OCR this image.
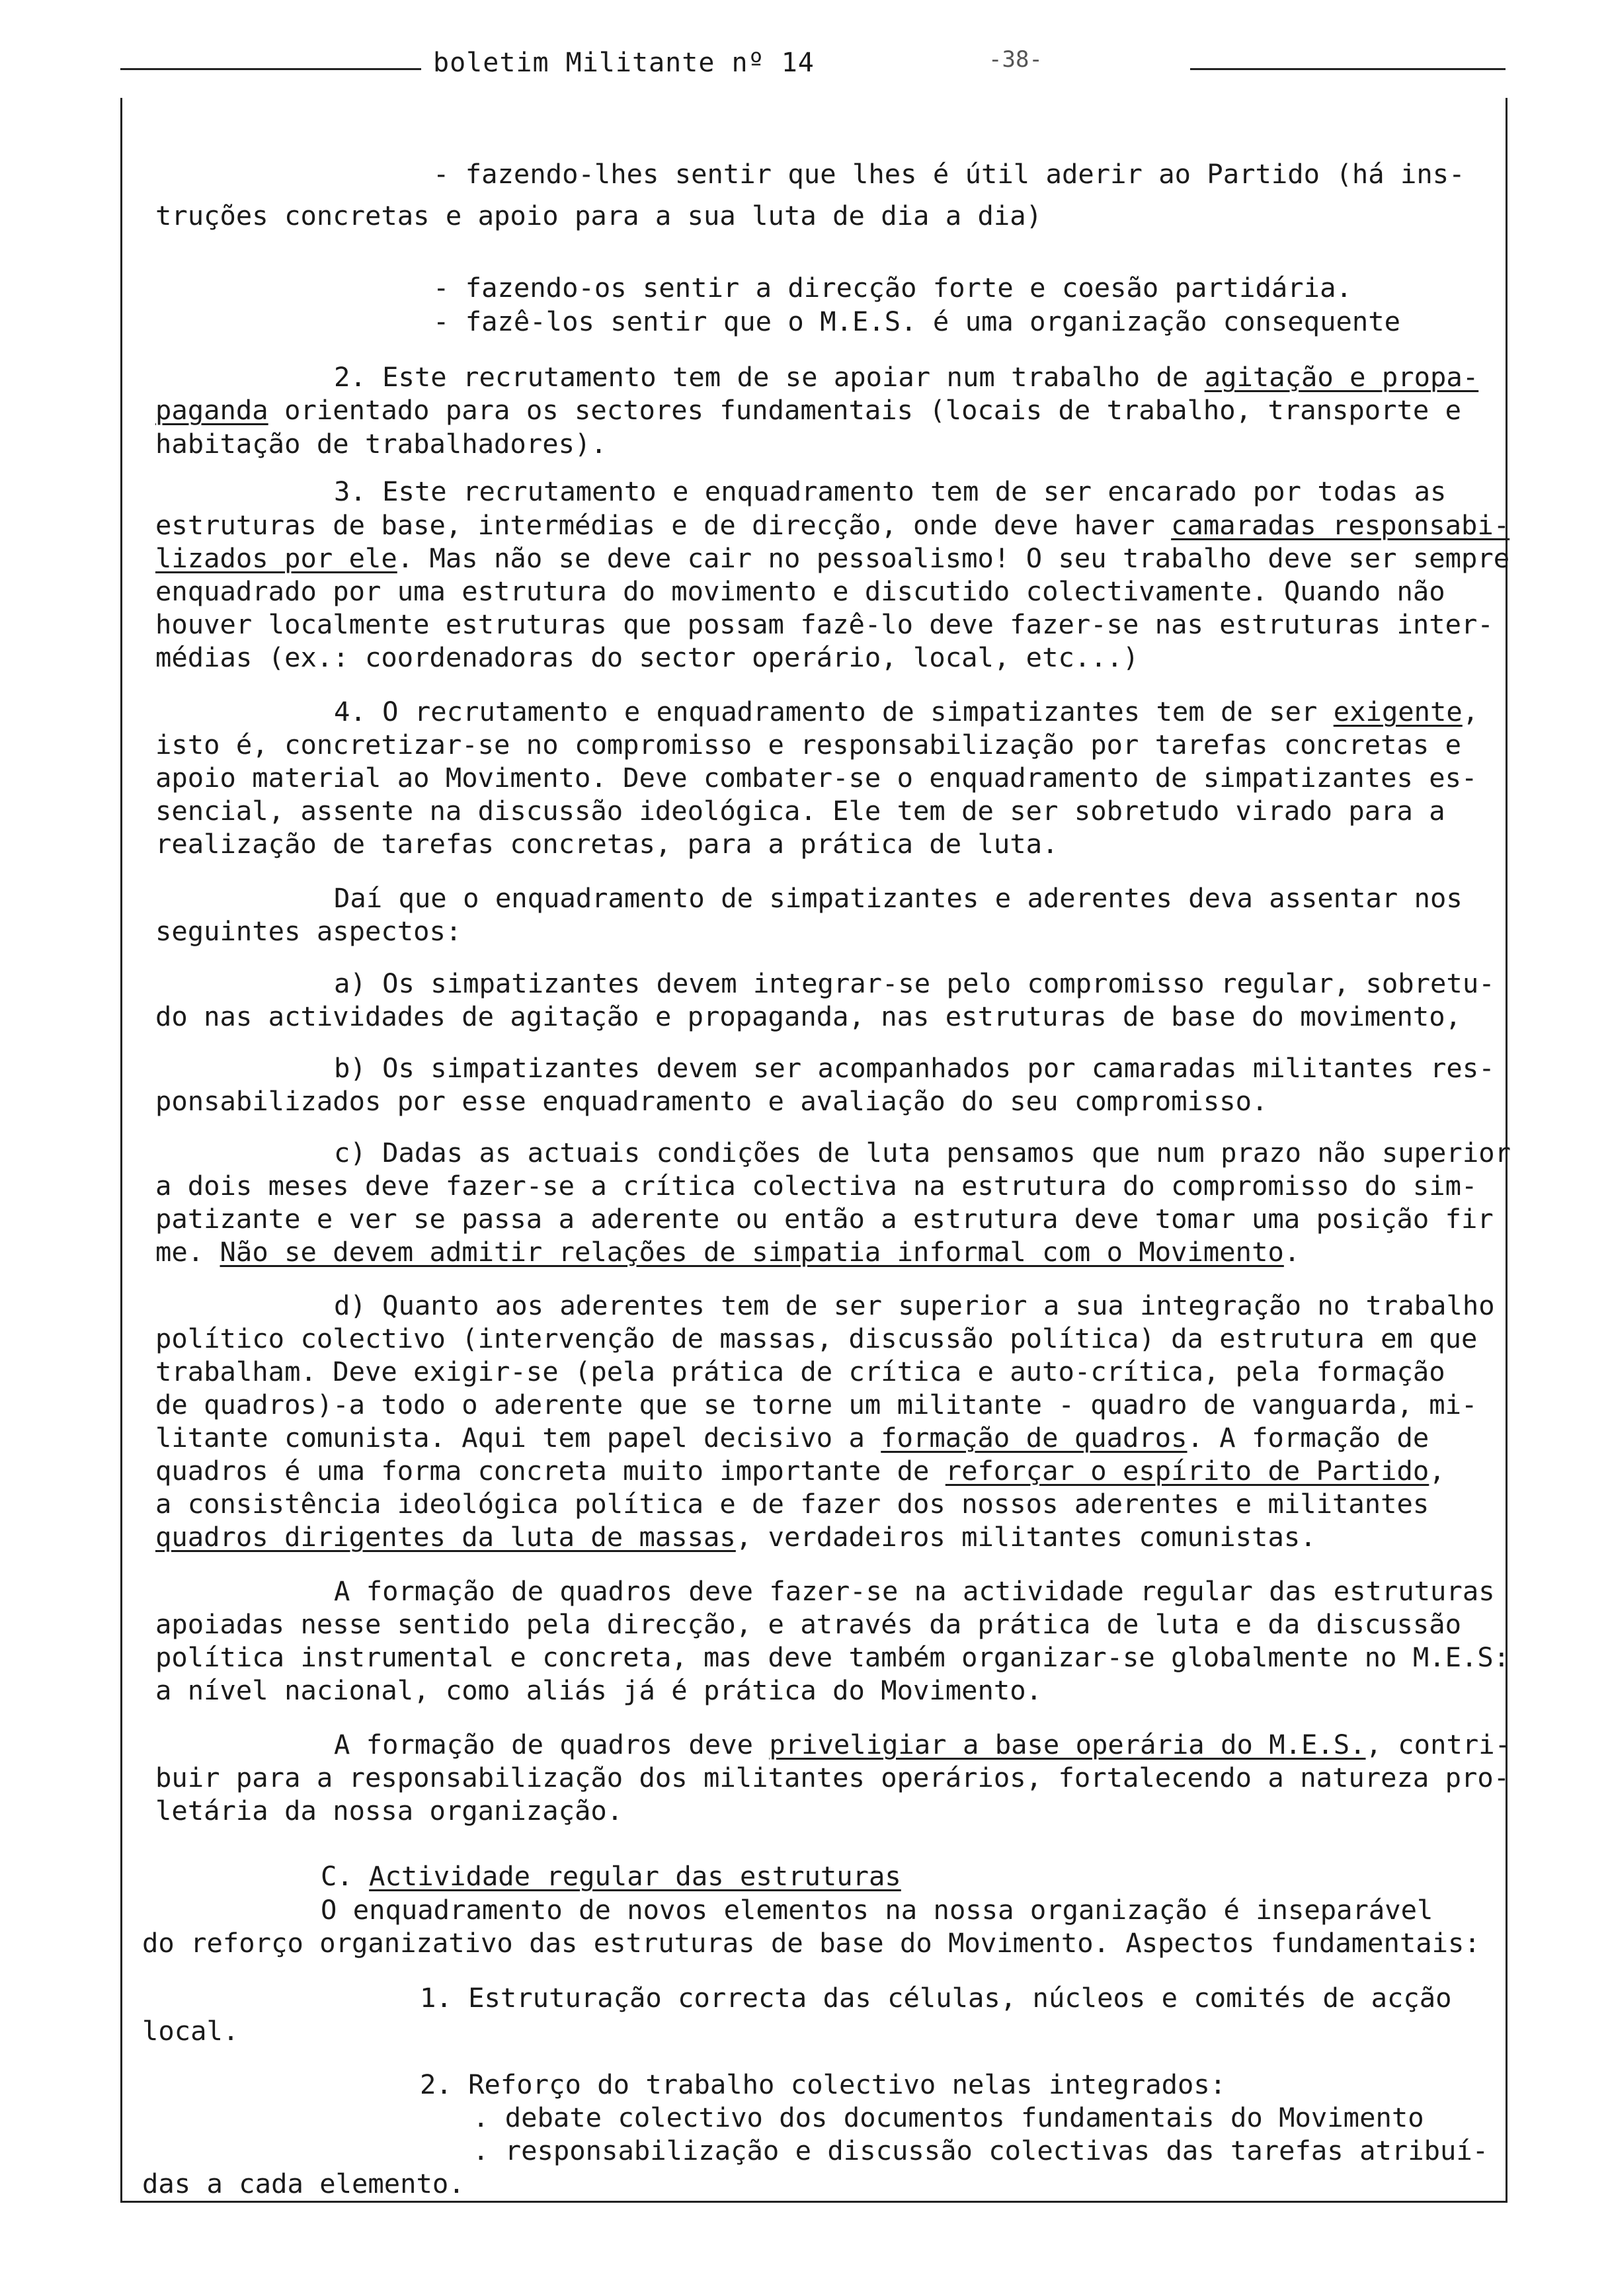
boletim Militante nº 14	-38-
- fazendo-lhes sentir que lhes é útil aderir ao Partido (há ins-
truções concretas e apoio para a sua luta de dia a dia)
- fazendo-os sentir a direcção forte e coesão partidária.
- fazê-los sentir que o M.E.S. é uma organização consequente
2. Este recrutamento tem de se apoiar num trabalho de agitação e propa-
paganda orientado para os sectores fundamentais (locais de trabalho, transporte e
habitação de trabalhadores).
3. Este recrutamento e enquadramento tem de ser encarado por todas as
estruturas de base, intermédias e de direcção, onde deve haver camaradas responsabi-
lizados por ele. Mas não se deve cair no pessoalismo! O seu trabalho deve ser sempre
enquadrado por uma estrutura do movimento e discutido colectivamente. Quando não
houver localmente estruturas que possam fazê-lo deve fazer-se nas estruturas inter-
médias (ex.: coordenadoras do sector operário, local, etc...)
4. O recrutamento e enquadramento de simpatizantes tem de ser exigente,
isto é, concretizar-se no compromisso e responsabilização por tarefas concretas e
apoio material ao Movimento. Deve combater-se o enquadramento de simpatizantes es-
sencial, assente na discussão ideológica. Ele tem de ser sobretudo virado para a
realização de tarefas concretas, para a prática de luta.
Daí que o enquadramento de simpatizantes e aderentes deva assentar nos
seguintes aspectos:
a) Os simpatizantes devem integrar-se pelo compromisso regular, sobretu-
do nas actividades de agitação e propaganda, nas estruturas de base do movimento,
b) Os simpatizantes devem ser acompanhados por camaradas militantes res-
ponsabilizados por esse enquadramento e avaliação do seu compromisso.
c) Dadas as actuais condições de luta pensamos que num prazo não superior
a dois meses deve fazer-se a crítica colectiva na estrutura do compromisso do sim-
patizante e ver se passa a aderente ou então a estrutura deve tomar uma posição fir
me. Não se devem admitir relações de simpatia informal com o Movimento.
d) Quanto aos aderentes tem de ser superior a sua integração no trabalho
político colectivo (intervenção de massas, discussão política) da estrutura em que
trabalham. Deve exigir-se (pela prática de crítica e auto-crítica, pela formação
de quadros)-a todo o aderente que se torne um militante - quadro de vanguarda, mi-
litante comunista. Aqui tem papel decisivo a formação de quadros. A formação de
quadros é uma forma concreta muito importante de reforçar o espírito de Partido,
a consistência ideológica política e de fazer dos nossos aderentes e militantes
quadros dirigentes da luta de massas, verdadeiros militantes comunistas.
A formação de quadros deve fazer-se na actividade regular das estruturas
apoiadas nesse sentido pela direcção, e através da prática de luta e da discussão
política instrumental e concreta, mas deve também organizar-se globalmente no M.E.S:
a nível nacional, como aliás já é prática do Movimento.
A formação de quadros deve priveligiar a base operária do M.E.S., contri-
buir para a responsabilização dos militantes operários, fortalecendo a natureza pro-
letária da nossa organização.
C. Actividade regular das estruturas
O enquadramento de novos elementos na nossa organização é inseparável
do reforço organizativo das estruturas de base do Movimento. Aspectos fundamentais:
1. Estruturação correcta das células, núcleos e comités de acção
local.
2. Reforço do trabalho colectivo nelas integrados:
. debate colectivo dos documentos fundamentais do Movimento
. responsabilização e discussão colectivas das tarefas atribuí-
das a cada elemento.
